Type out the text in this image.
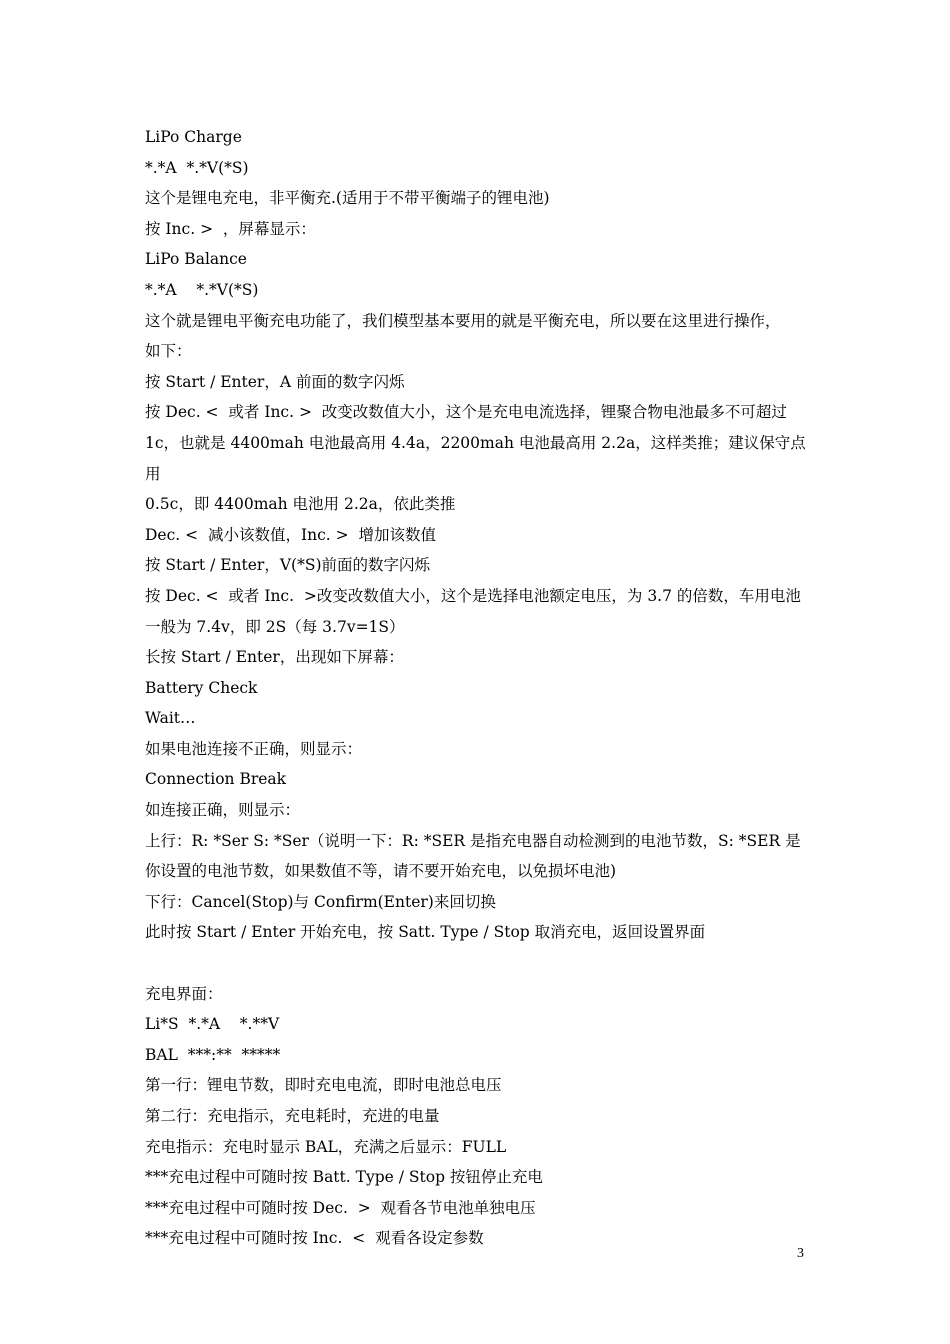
LiPo Charge
*.*A  *.*V(*S)
这个是锂电充电，非平衡充.(适用于不带平衡端子的锂电池)
按 Inc. >  ，屏幕显示：
LiPo Balance
*.*A    *.*V(*S)
这个就是锂电平衡充电功能了，我们模型基本要用的就是平衡充电，所以要在这里进行操作，
如下：
按 Start / Enter，A 前面的数字闪烁
按 Dec. <  或者 Inc. >  改变改数值大小，这个是充电电流选择，锂聚合物电池最多不可超过
1c，也就是 4400mah 电池最高用 4.4a，2200mah 电池最高用 2.2a，这样类推；建议保守点用
0.5c，即 4400mah 电池用 2.2a，依此类推
Dec. <  减小该数值，Inc. >  增加该数值
按 Start / Enter，V(*S)前面的数字闪烁
按 Dec. <  或者 Inc.  >改变改数值大小，这个是选择电池额定电压，为 3.7 的倍数，车用电池
一般为 7.4v，即 2S（每 3.7v=1S）
长按 Start / Enter，出现如下屏幕：
Battery Check
Wait…
如果电池连接不正确，则显示：
Connection Break
如连接正确，则显示：
上行：R: *Ser S: *Ser（说明一下：R: *SER 是指充电器自动检测到的电池节数，S: *SER 是
你设置的电池节数，如果数值不等，请不要开始充电，以免损坏电池)
下行：Cancel(Stop)与 Confirm(Enter)来回切换
此时按 Start / Enter 开始充电，按 Satt. Type / Stop 取消充电，返回设置界面
充电界面：
Li*S  *.*A    *.**V
BAL  ***:**  *****
第一行：锂电节数，即时充电电流，即时电池总电压
第二行：充电指示，充电耗时，充进的电量
充电指示：充电时显示 BAL，充满之后显示：FULL
***充电过程中可随时按 Batt. Type / Stop 按钮停止充电
***充电过程中可随时按 Dec.  >  观看各节电池单独电压
***充电过程中可随时按 Inc.  <  观看各设定参数
3
